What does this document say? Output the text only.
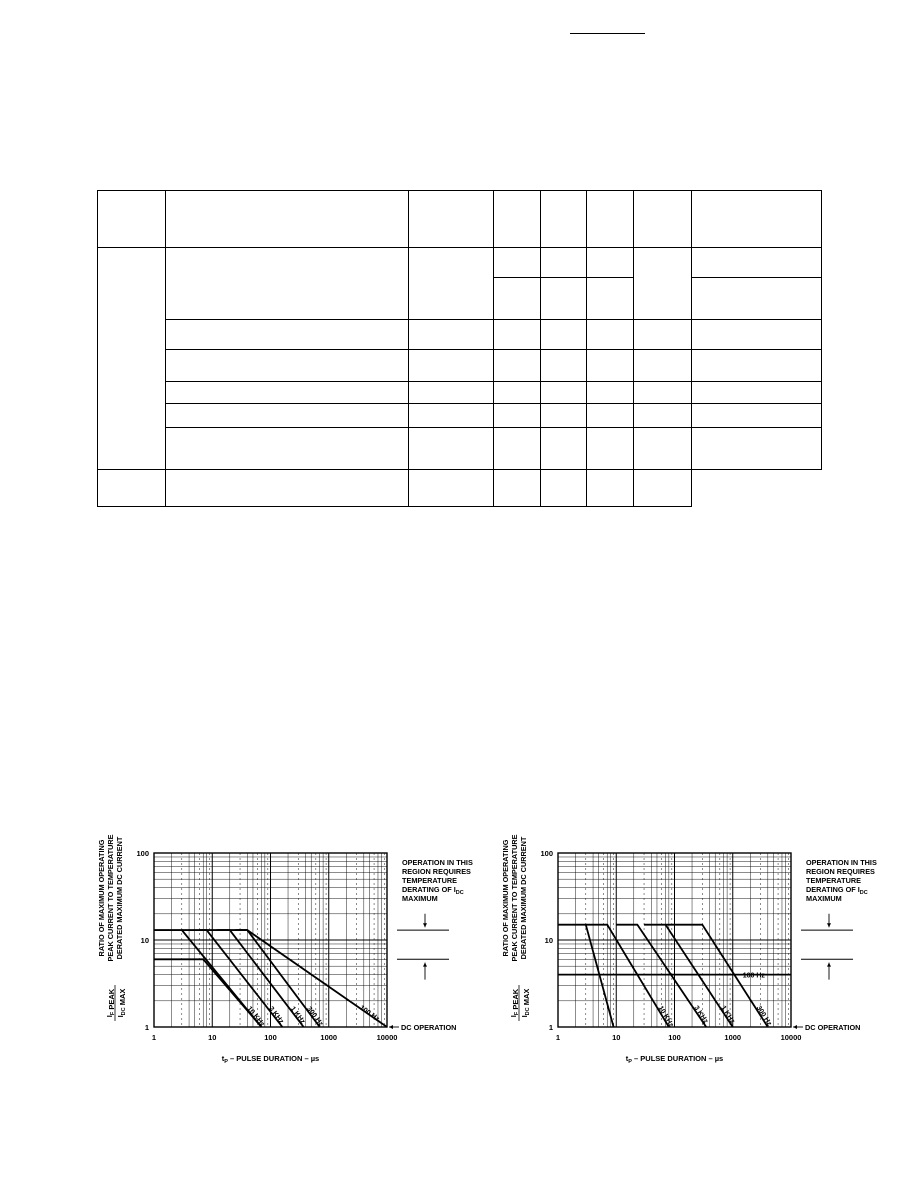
10 KHz 3 KHz 1 KHz 300 Hz	100 Hz
1	10	100	1000	10000
100
10
1
RATIO OF MAXIMUM OPERATING PEAK CURRENT TO TEMPERATURE DERATED MAXIMUM DC CURRENT
$I_F$ PEAK
$I_{DC}$ MAX
$t_P$ – PULSE DURATION – µs
OPERATION IN THIS
REGION REQUIRES
TEMPERATURE
DERATING OF $I_{DC}$
MAXIMUM
DC OPERATION	10 KHz	3 KHz 1 KHz	300 Hz
100 Hz
1	10	100	1000	10000
100
10
1
RATIO OF MAXIMUM OPERATING PEAK CURRENT TO TEMPERATURE DERATED MAXIMUM DC CURRENT
$I_F$ PEAK
$I_{DC}$ MAX
$t_P$ – PULSE DURATION – µs
OPERATION IN THIS
REGION REQUIRES
TEMPERATURE
DERATING OF $I_{DC}$
MAXIMUM
DC OPERATION
